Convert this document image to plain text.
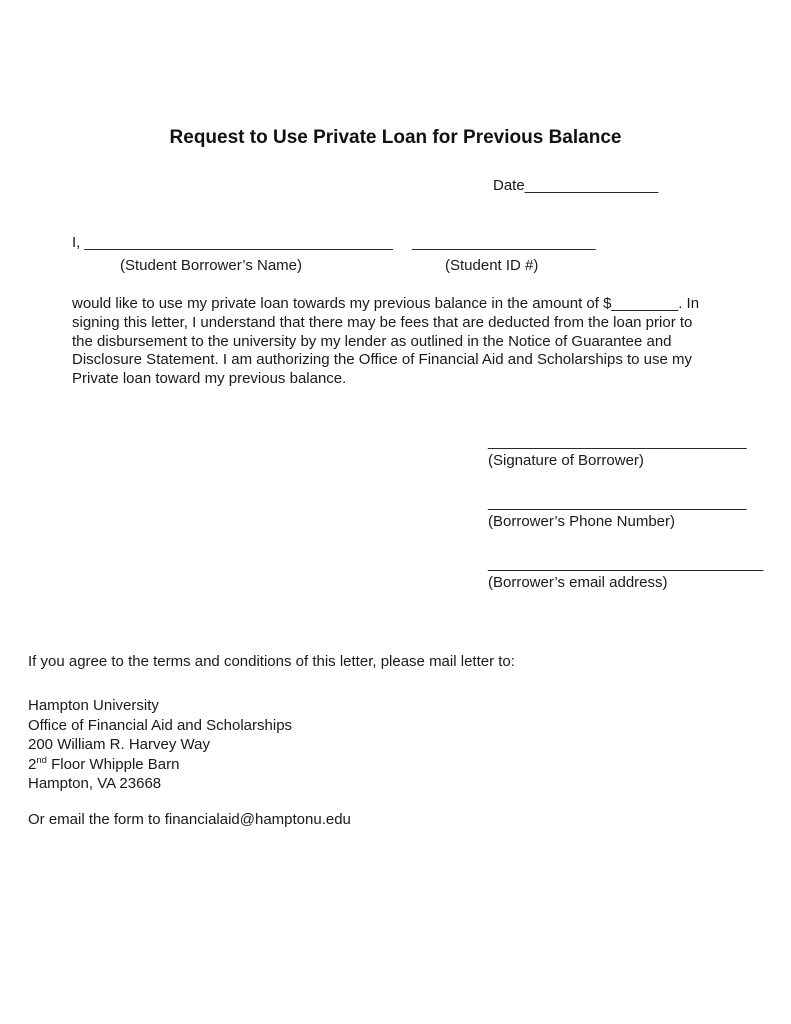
Request to Use Private Loan for Previous Balance
Date________________
I, _____________________________________ ______________________
(Student Borrower’s Name)	(Student ID #)
would like to use my private loan towards my previous balance in the amount of $________. In
signing this letter, I understand that there may be fees that are deducted from the loan prior to
the disbursement to the university by my lender as outlined in the Notice of Guarantee and
Disclosure Statement. I am authorizing the Office of Financial Aid and Scholarships to use my
Private loan toward my previous balance.
_______________________________
(Signature of Borrower)
_______________________________
(Borrower’s Phone Number)
_________________________________
(Borrower’s email address)
If you agree to the terms and conditions of this letter, please mail letter to:
Hampton University
Office of Financial Aid and Scholarships
200 William R. Harvey Way
2nd Floor Whipple Barn
Hampton, VA 23668
Or email the form to financialaid@hamptonu.edu
